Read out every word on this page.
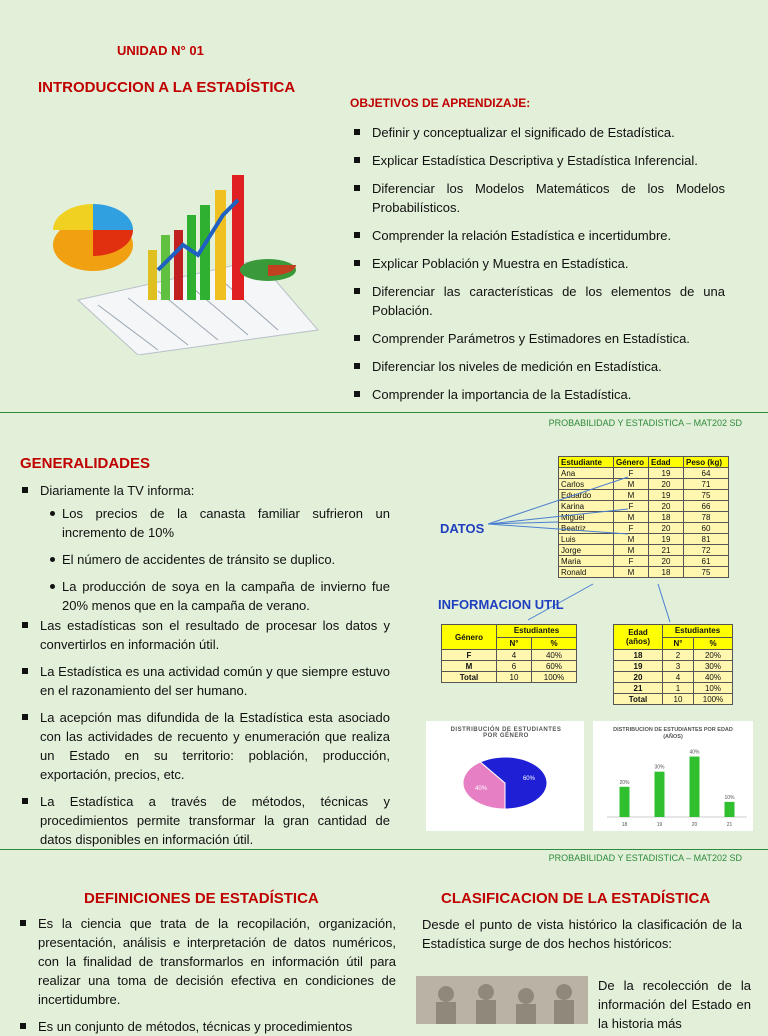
UNIDAD N° 01
INTRODUCCION A LA ESTADÍSTICA
OBJETIVOS DE APRENDIZAJE:
Definir y conceptualizar el significado de Estadística.
Explicar Estadística Descriptiva y Estadística Inferencial.
Diferenciar los Modelos Matemáticos de los Modelos Probabilísticos.
Comprender la relación Estadística e incertidumbre.
Explicar Población y Muestra en Estadística.
Diferenciar las características de los elementos de una Población.
Comprender Parámetros y Estimadores en Estadística.
Diferenciar los niveles de medición en Estadística.
Comprender la importancia de la Estadística.
PROBABILIDAD Y ESTADISTICA – MAT202 SD
GENERALIDADES
Diariamente la TV informa:
Los precios de la canasta familiar sufrieron un incremento de 10%
El número de accidentes de tránsito se duplico.
La producción de soya en la campaña de invierno fue 20% menos que en la campaña de verano.
Las estadísticas son el resultado de procesar los datos y convertirlos en información útil.
La Estadística es una actividad común y que siempre estuvo en el razonamiento del ser humano.
La acepción mas difundida de la Estadística esta asociado con las actividades de recuento y enumeración que realiza un Estado en su territorio: población, producción, exportación, precios, etc.
La Estadística a través de métodos, técnicas y procedimientos permite transformar la gran cantidad de datos disponibles en información útil.
Estudiante	Género	Edad	Peso (kg)
Ana	F	19	64
Carlos	M	20	71
Eduardo	M	19	75
Karina	F	20	66
Miguel	M	18	78
Beatriz	F	20	60
Luis	M	19	81
Jorge	M	21	72
Maria	F	20	61
Ronald	M	18	75
DATOS
INFORMACION UTIL
Género	Estudiantes	
	N°	%
F	4	40%
M	6	60%
Total	10	100%
Edad (años)	Estudiantes	
	N°	%
18	2	20%
19	3	30%
20	4	40%
21	1	10%
Total	10	100%
DISTRIBUCIÓN DE ESTUDIANTES POR GÉNERO
40%
60%
DISTRIBUCION DE ESTUDIANTES POR EDAD
(AÑOS)
20%
18
30%
19
40%
20
10%
21
PROBABILIDAD Y ESTADISTICA – MAT202 SD
DEFINICIONES DE ESTADÍSTICA
Es la ciencia que trata de la recopilación, organización, presentación, análisis e interpretación de datos numéricos, con la finalidad de transformarlos en información útil para realizar una toma de decisión efectiva en condiciones de incertidumbre.
Es un conjunto de métodos, técnicas y procedimientos
CLASIFICACION DE LA ESTADÍSTICA
Desde el punto de vista histórico la clasificación de la Estadística surge de dos hechos históricos:
De la recolección de la información del Estado en la historia más
